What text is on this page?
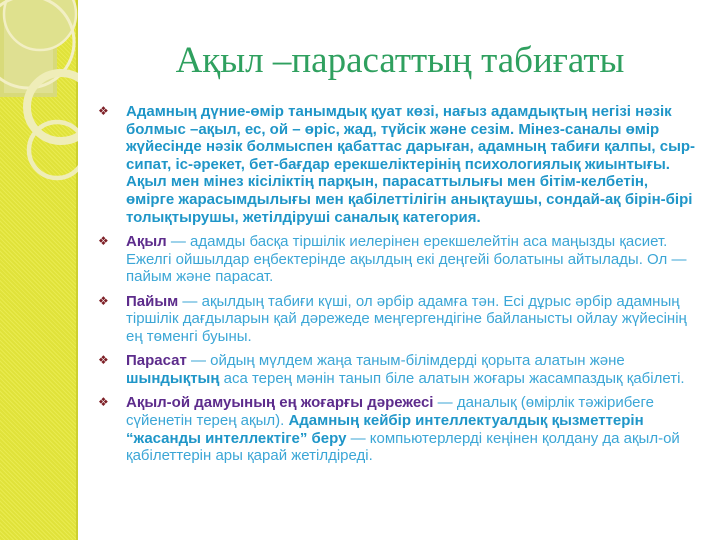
Ақыл –парасаттың табиғаты
❖ Адамның дүние-өмір танымдық қуат көзі, нағыз адамдықтың негізі нәзік болмыс –ақыл, ес, ой – өріс, жад, түйсік және сезім. Мінез-саналы өмір жүйесінде нәзік болмыспен қабаттас дарыған, адамның табиғи қалпы, сыр-сипат, іс-әрекет, бет-бағдар ерекшеліктерінің психологиялық жиынтығы. Ақыл мен мінез кісіліктің парқын, парасаттылығы мен бітім-келбетін, өмірге жарасымдылығы мен қабілеттілігін анықтаушы, сондай-ақ бірін-бірі толықтырушы, жетілдіруші саналық категория.
❖ Ақыл — адамды басқа тіршілік иелерінен ерекшелейтін аса маңызды қасиет. Ежелгі ойшылдар еңбектерінде ақылдың екі деңгейі болатыны айтылады. Ол — пайым және парасат.
❖ Пайым — ақылдың табиғи күші, ол әрбір адамға тән. Есі дұрыс әрбір адамның тіршілік дағдыларын қай дәрежеде меңгергендігіне байланысты ойлау жүйесінің ең төменгі буыны.
❖ Парасат — ойдың мүлдем жаңа таным-білімдерді қорыта алатын және шындықтың аса терең мәнін танып біле алатын жоғары жасампаздық қабілеті.
❖ Ақыл-ой дамуының ең жоғарғы дәрежесі — даналық (өмірлік тәжірибеге сүйенетін терең ақыл). Адамның кейбір интеллектуалдық қызметтерін “жасанды интеллектіге” беру — компьютерлерді кеңінен қолдану да ақыл-ой қабілеттерін ары қарай жетілдіреді.
